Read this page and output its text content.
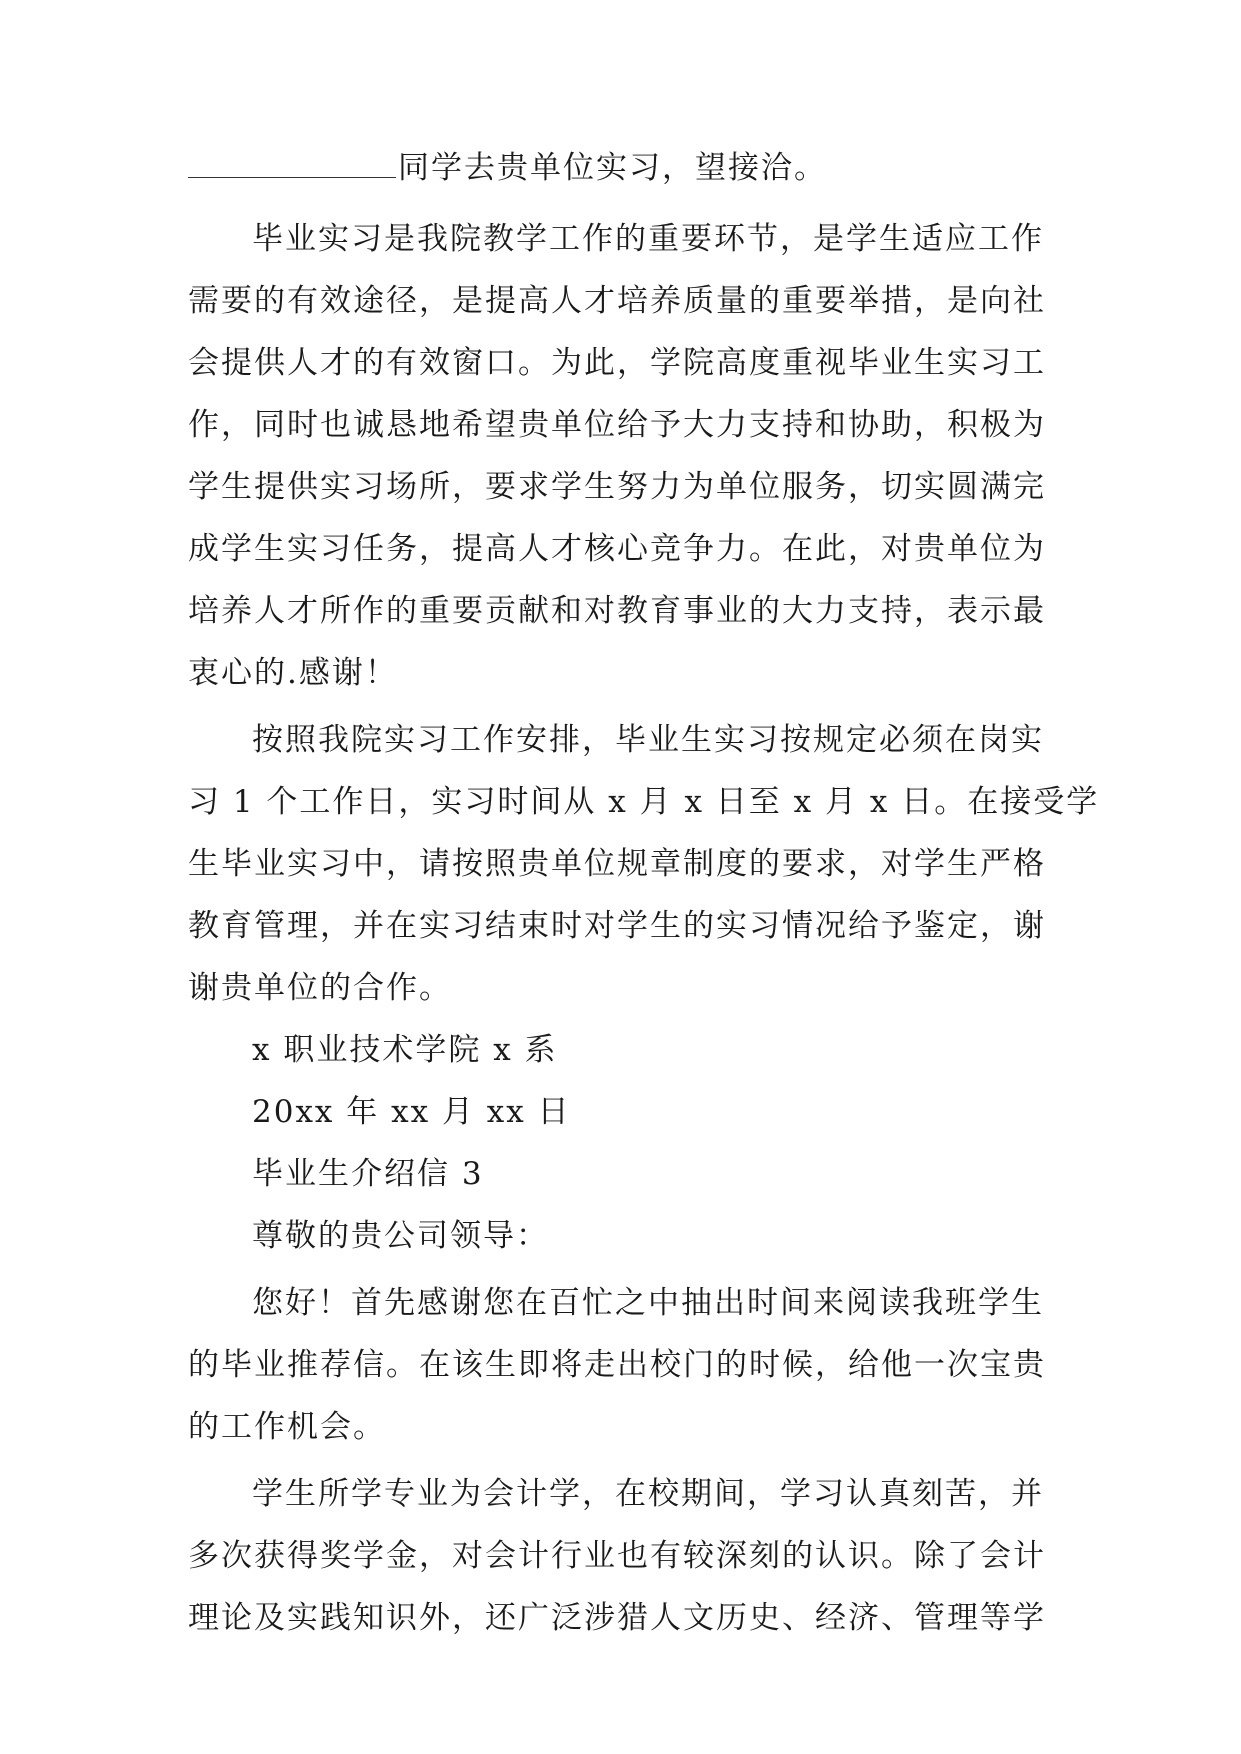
同学去贵单位实习，望接洽。
毕业实习是我院教学工作的重要环节，是学生适应工作
需要的有效途径，是提高人才培养质量的重要举措，是向社
会提供人才的有效窗口。为此，学院高度重视毕业生实习工
作，同时也诚恳地希望贵单位给予大力支持和协助，积极为
学生提供实习场所，要求学生努力为单位服务，切实圆满完
成学生实习任务，提高人才核心竞争力。在此，对贵单位为
培养人才所作的重要贡献和对教育事业的大力支持，表示最
衷心的.感谢！
按照我院实习工作安排，毕业生实习按规定必须在岗实
习 1 个工作日，实习时间从 x 月 x 日至 x 月 x 日。在接受学
生毕业实习中，请按照贵单位规章制度的要求，对学生严格
教育管理，并在实习结束时对学生的实习情况给予鉴定，谢
谢贵单位的合作。
x 职业技术学院 x 系
20xx 年 xx 月 xx 日
毕业生介绍信 3
尊敬的贵公司领导：
您好！首先感谢您在百忙之中抽出时间来阅读我班学生
的毕业推荐信。在该生即将走出校门的时候，给他一次宝贵
的工作机会。
学生所学专业为会计学，在校期间，学习认真刻苦，并
多次获得奖学金，对会计行业也有较深刻的认识。除了会计
理论及实践知识外，还广泛涉猎人文历史、经济、管理等学
